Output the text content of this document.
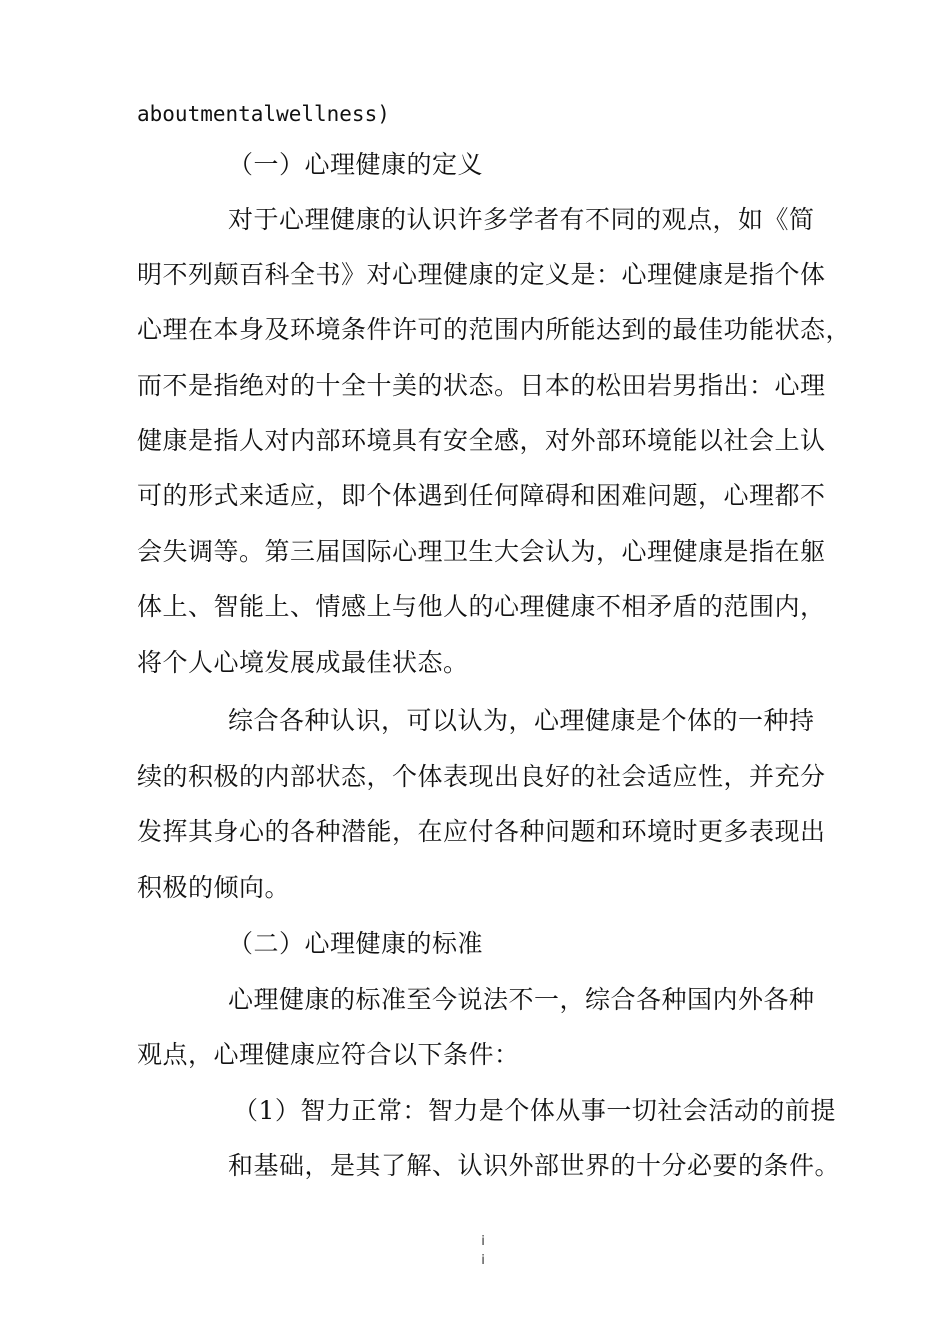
aboutmentalwellness)
（一）心理健康的定义
对于心理健康的认识许多学者有不同的观点，如《简
明不列颠百科全书》对心理健康的定义是：心理健康是指个体
心理在本身及环境条件许可的范围内所能达到的最佳功能状态，
而不是指绝对的十全十美的状态。日本的松田岩男指出：心理
健康是指人对内部环境具有安全感，对外部环境能以社会上认
可的形式来适应，即个体遇到任何障碍和困难问题，心理都不
会失调等。第三届国际心理卫生大会认为，心理健康是指在躯
体上、智能上、情感上与他人的心理健康不相矛盾的范围内，
将个人心境发展成最佳状态。
综合各种认识，可以认为，心理健康是个体的一种持
续的积极的内部状态，个体表现出良好的社会适应性，并充分
发挥其身心的各种潜能，在应付各种问题和环境时更多表现出
积极的倾向。
（二）心理健康的标准
心理健康的标准至今说法不一，综合各种国内外各种
观点，心理健康应符合以下条件：
（1）智力正常：智力是个体从事一切社会活动的前提
和基础，是其了解、认识外部世界的十分必要的条件。
i
i
